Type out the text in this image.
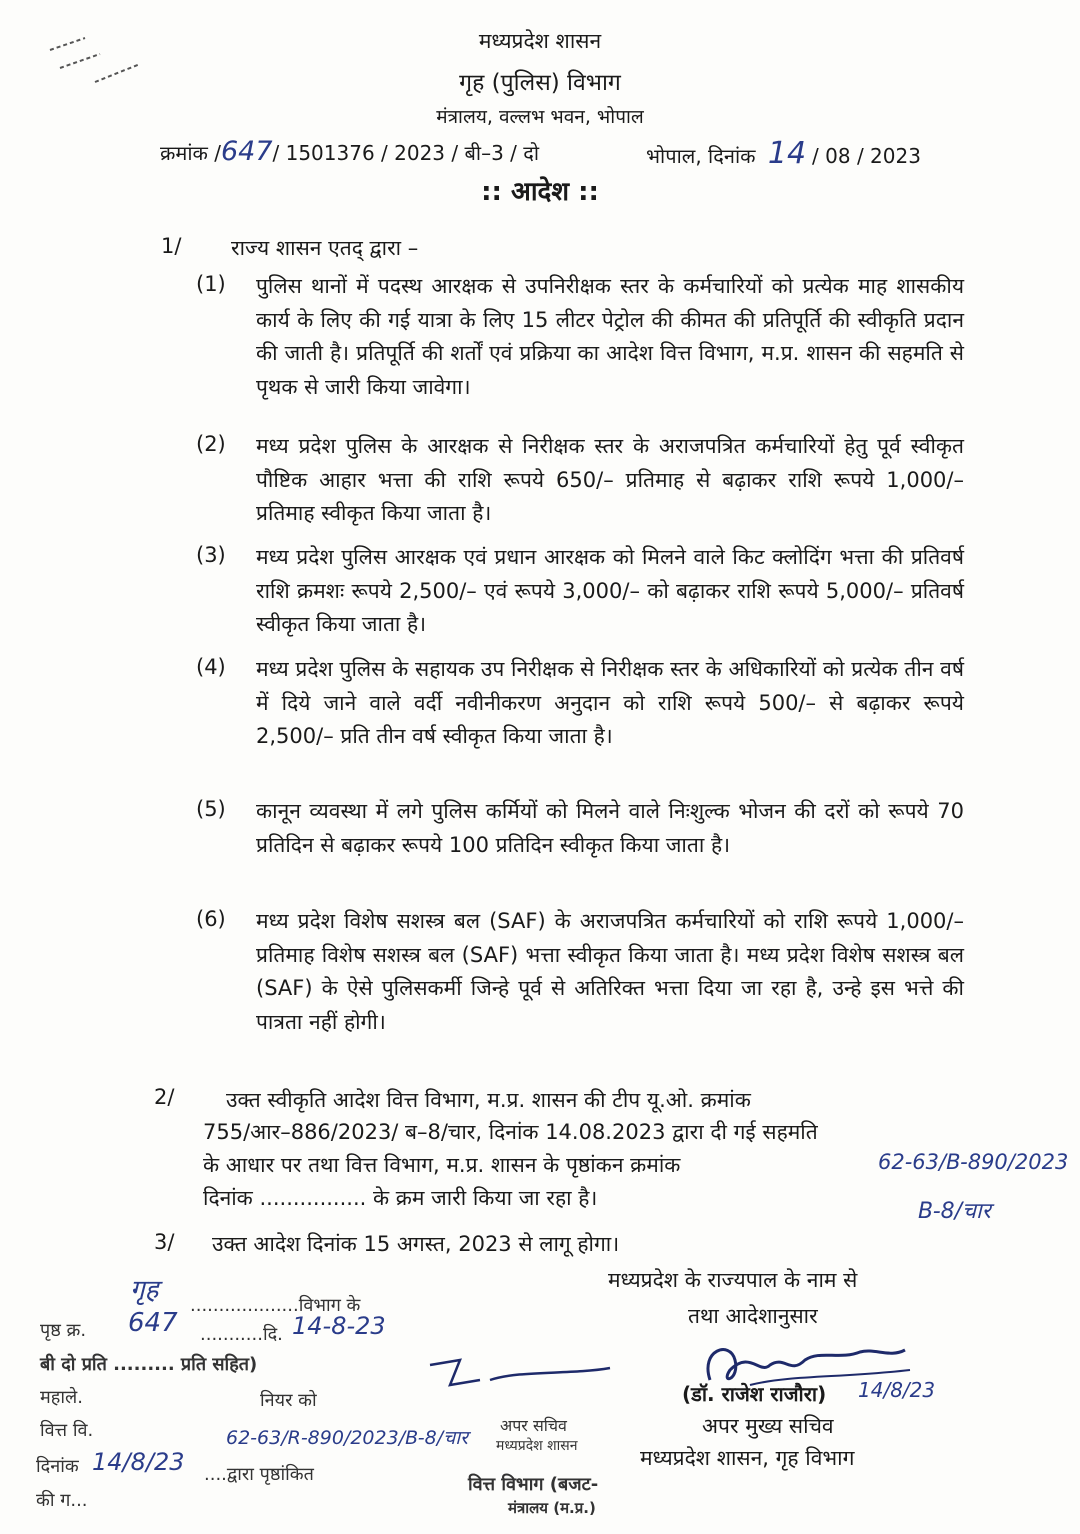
मध्यप्रदेश शासन
गृह (पुलिस) विभाग
मंत्रालय, वल्लभ भवन, भोपाल
क्रमांक /647/ 1501376 / 2023 / बी–3 / दो	भोपाल, दिनांक 14 / 08 / 2023
:: आदेश ::
1/ राज्य शासन एतद् द्वारा –
(1) पुलिस थानों में पदस्थ आरक्षक से उपनिरीक्षक स्तर के कर्मचारियों को प्रत्येक माह शासकीय कार्य के लिए की गई यात्रा के लिए 15 लीटर पेट्रोल की कीमत की प्रतिपूर्ति की स्वीकृति प्रदान की जाती है। प्रतिपूर्ति की शर्तों एवं प्रक्रिया का आदेश वित्त विभाग, म.प्र. शासन की सहमति से पृथक से जारी किया जावेगा।
(2) मध्य प्रदेश पुलिस के आरक्षक से निरीक्षक स्तर के अराजपत्रित कर्मचारियों हेतु पूर्व स्वीकृत पौष्टिक आहार भत्ता की राशि रूपये 650/– प्रतिमाह से बढ़ाकर राशि रूपये 1,000/– प्रतिमाह स्वीकृत किया जाता है।
(3) मध्य प्रदेश पुलिस आरक्षक एवं प्रधान आरक्षक को मिलने वाले किट क्लोदिंग भत्ता की प्रतिवर्ष राशि क्रमशः रूपये 2,500/– एवं रूपये 3,000/– को बढ़ाकर राशि रूपये 5,000/– प्रतिवर्ष स्वीकृत किया जाता है।
(4) मध्य प्रदेश पुलिस के सहायक उप निरीक्षक से निरीक्षक स्तर के अधिकारियों को प्रत्येक तीन वर्ष में दिये जाने वाले वर्दी नवीनीकरण अनुदान को राशि रूपये 500/– से बढ़ाकर रूपये 2,500/– प्रति तीन वर्ष स्वीकृत किया जाता है।
(5) कानून व्यवस्था में लगे पुलिस कर्मियों को मिलने वाले निःशुल्क भोजन की दरों को रूपये 70 प्रतिदिन से बढ़ाकर रूपये 100 प्रतिदिन स्वीकृत किया जाता है।
(6) मध्य प्रदेश विशेष सशस्त्र बल (SAF) के अराजपत्रित कर्मचारियों को राशि रूपये 1,000/– प्रतिमाह विशेष सशस्त्र बल (SAF) भत्ता स्वीकृत किया जाता है। मध्य प्रदेश विशेष सशस्त्र बल (SAF) के ऐसे पुलिसकर्मी जिन्हे पूर्व से अतिरिक्त भत्ता दिया जा रहा है, उन्हे इस भत्ते की पात्रता नहीं होगी।
2/ उक्त स्वीकृति आदेश वित्त विभाग, म.प्र. शासन की टीप यू.ओ. क्रमांक
755/आर–886/2023/ ब–8/चार, दिनांक 14.08.2023 द्वारा दी गई सहमति
के आधार पर तथा वित्त विभाग, म.प्र. शासन के पृष्ठांकन क्रमांक	62-63/B-890/2023
B-8/चार
दिनांक ................ के क्रम जारी किया जा रहा है।
3/ उक्त आदेश दिनांक 15 अगस्त, 2023 से लागू होगा।
मध्यप्रदेश के राज्यपाल के नाम से
तथा आदेशानुसार
(डॉ. राजेश राजौरा) 14/8/23
अपर मुख्य सचिव
मध्यप्रदेश शासन, गृह विभाग
अपर सचिव
मध्यप्रदेश शासन
गृह
...................विभाग के
पृष्ठ क्र. 647 ...........दि. 14-8-23
बी दो प्रति ......... प्रति सहित)
महाले.	नियर को
वित्त वि.	62-63/R-890/2023/B-8/चार
दिनांक 14/8/23 ....द्वारा पृष्ठांकित
की ग...
वित्त विभाग (बजट-
मंत्रालय (म.प्र.)
